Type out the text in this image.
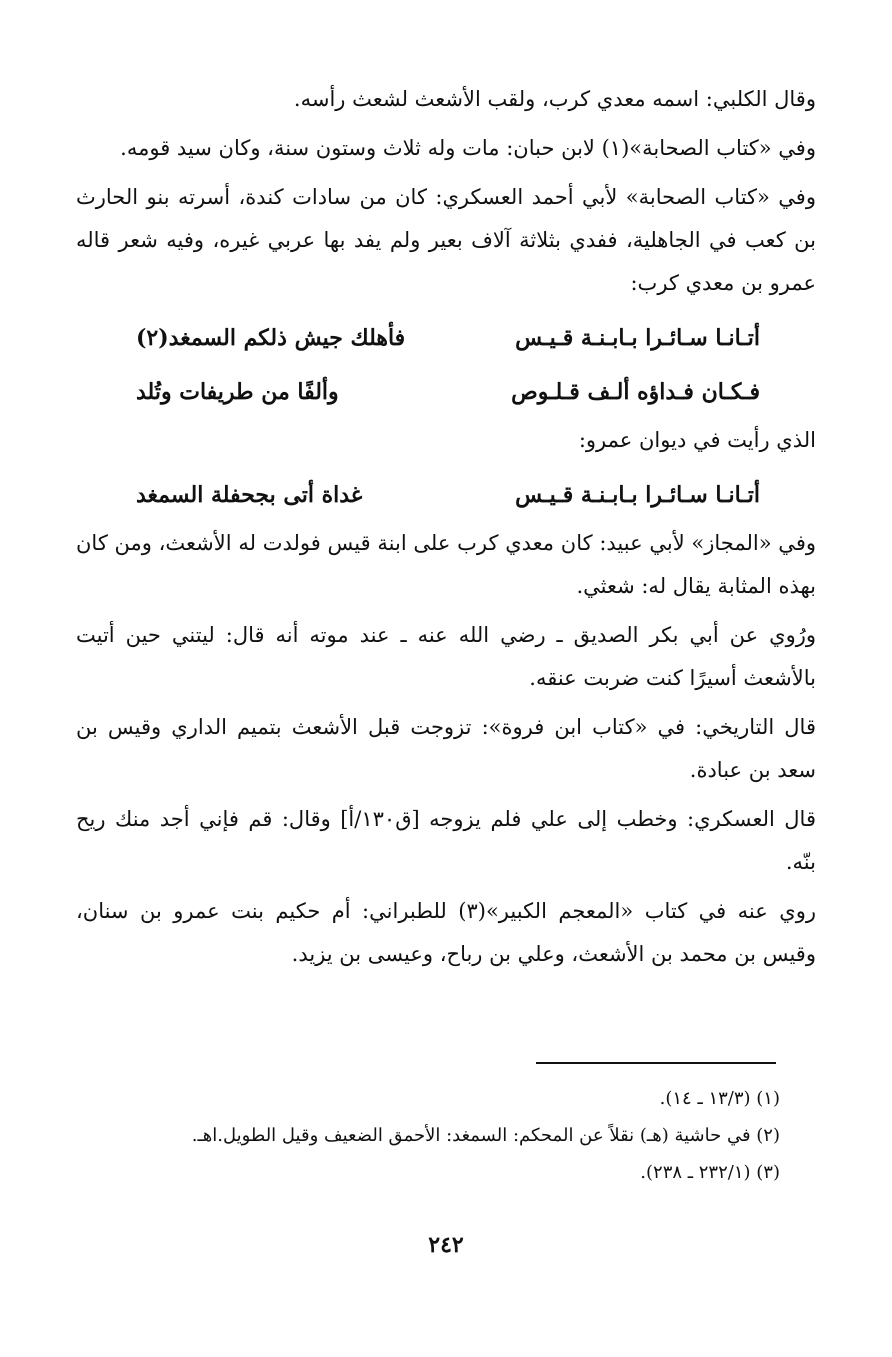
وقال الكلبي: اسمه معدي كرب، ولقب الأشعث لشعث رأسه.

وفي «كتاب الصحابة»(١) لابن حبان: مات وله ثلاث وستون سنة، وكان سيد قومه.

وفي «كتاب الصحابة» لأبي أحمد العسكري: كان من سادات كندة، أسرته بنو الحارث بن كعب في الجاهلية، ففدي بثلاثة آلاف بعير ولم يفد بها عربي غيره، وفيه شعر قاله عمرو بن معدي كرب:

أتـانـا سـائـرا بـابـنـة قـيـس
فأهلك جيش ذلكم السمغد(٢)
فـكـان فـداؤه ألـف قـلـوص
وألفًا من طريفات وتُلد

الذي رأيت في ديوان عمرو:

أتـانـا سـائـرا بـابـنـة قـيـس
غداة أتى بجحفلة السمغد

وفي «المجاز» لأبي عبيد: كان معدي كرب على ابنة قيس فولدت له الأشعث، ومن كان بهذه المثابة يقال له: شعثي.

ورُوي عن أبي بكر الصديق ـ رضي الله عنه ـ عند موته أنه قال: ليتني حين أتيت بالأشعث أسيرًا كنت ضربت عنقه.

قال التاريخي: في «كتاب ابن فروة»: تزوجت قبل الأشعث بتميم الداري وقيس بن سعد بن عبادة.

قال العسكري: وخطب إلى علي فلم يزوجه [ق١٣٠/أ] وقال: قم فإني أجد منك ريح بنّه.

روي عنه في كتاب «المعجم الكبير»(٣) للطبراني: أم حكيم بنت عمرو بن سنان، وقيس بن محمد بن الأشعث، وعلي بن رباح، وعيسى بن يزيد.

(١) (١٣/٣ ـ ١٤).

(٢) في حاشية (هـ) نقلاً عن المحكم: السمغد: الأحمق الضعيف وقيل الطويل.اهـ.

(٣) (٢٣٢/١ ـ ٢٣٨).

٢٤٢
